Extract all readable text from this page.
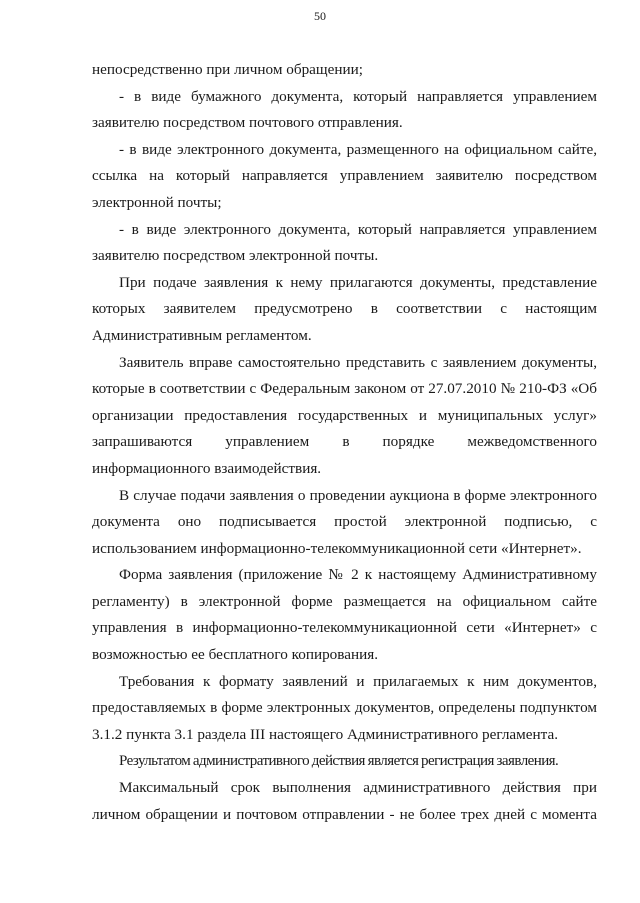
50
непосредственно при личном обращении;
- в виде бумажного документа, который направляется управлением
заявителю посредством почтового отправления.
- в виде электронного документа, размещенного на официальном сайте,
ссылка на который направляется управлением заявителю посредством
электронной почты;
- в виде электронного документа, который направляется управлением
заявителю посредством электронной почты.
При подаче заявления к нему прилагаются документы, представление
которых заявителем предусмотрено в соответствии с настоящим
Административным регламентом.
Заявитель вправе самостоятельно представить с заявлением документы,
которые в соответствии с Федеральным законом от 27.07.2010 № 210-ФЗ «Об
организации предоставления государственных и муниципальных услуг»
запрашиваются управлением в порядке межведомственного
информационного взаимодействия.
В случае подачи заявления о проведении аукциона в форме электронного
документа оно подписывается простой электронной подписью, с
использованием информационно-телекоммуникационной сети «Интернет».
Форма заявления (приложение № 2 к настоящему Административному
регламенту) в электронной форме размещается на официальном сайте
управления в информационно-телекоммуникационной сети «Интернет» с
возможностью ее бесплатного копирования.
Требования к формату заявлений и прилагаемых к ним документов,
предоставляемых в форме электронных документов, определены подпунктом
3.1.2 пункта 3.1 раздела III настоящего Административного регламента.
Результатом административного действия является регистрация заявления.
Максимальный срок выполнения административного действия при
личном обращении и почтовом отправлении - не более трех дней с момента
